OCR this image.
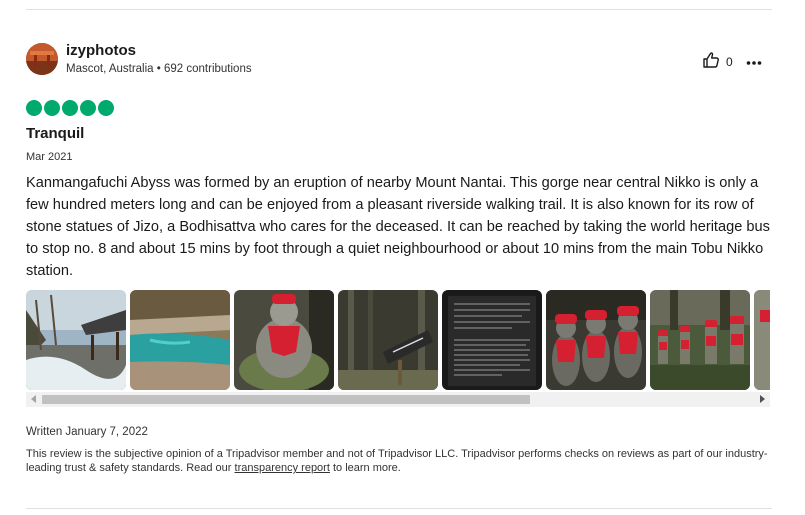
izyphotos
Mascot, Australia • 692 contributions
0
Tranquil
Mar 2021
Kanmangafuchi Abyss was formed by an eruption of nearby Mount Nantai. This gorge near central Nikko is only a few hundred meters long and can be enjoyed from a pleasant riverside walking trail. It is also known for its row of stone statues of Jizo, a Bodhisattva who cares for the deceased. It can be reached by taking the world heritage bus to stop no. 8 and about 15 mins by foot through a quiet neighbourhood or about 10 mins from the main Tobu Nikko station.
Written January 7, 2022
This review is the subjective opinion of a Tripadvisor member and not of Tripadvisor LLC. Tripadvisor performs checks on reviews as part of our industry-leading trust & safety standards. Read our transparency report to learn more.
